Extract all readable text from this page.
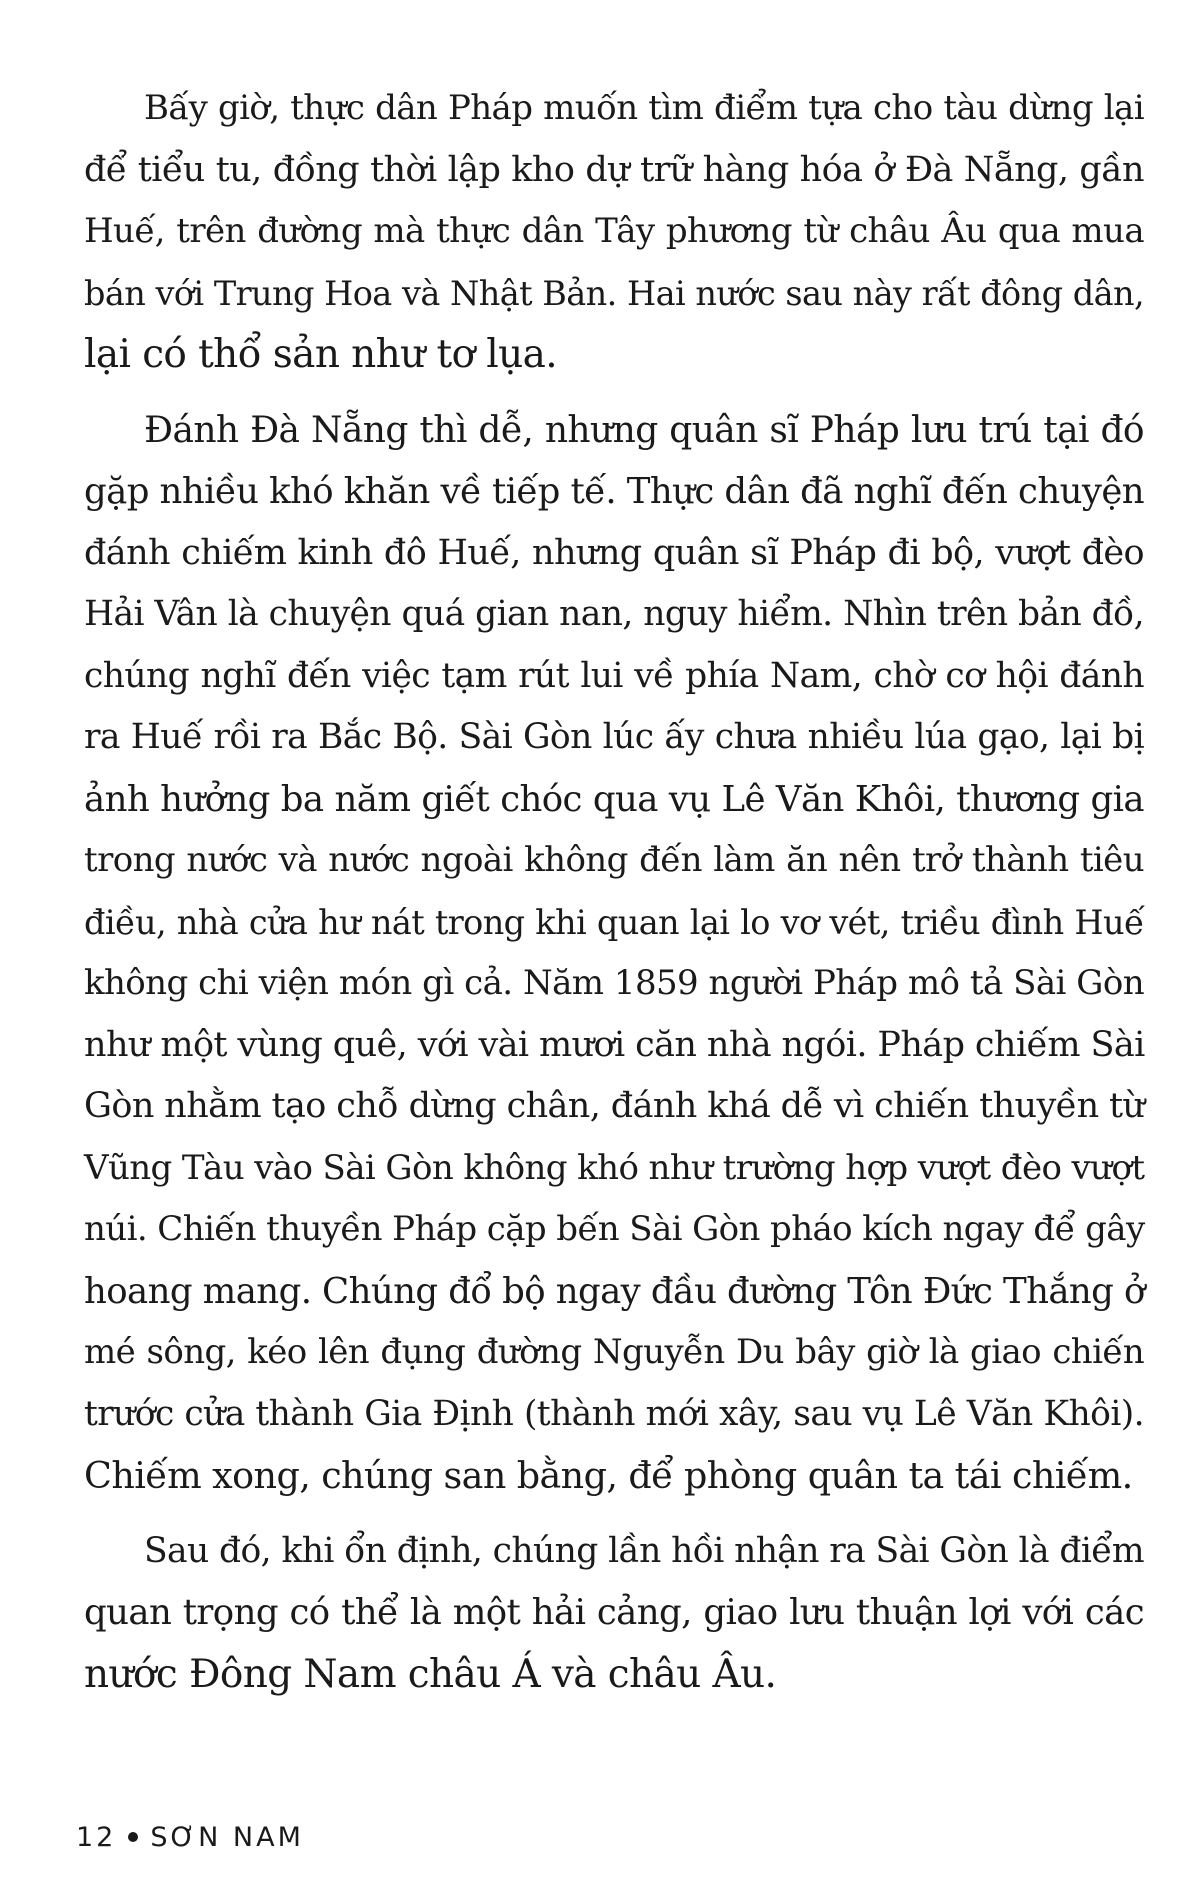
Bấy giờ, thực dân Pháp muốn tìm điểm tựa cho tàu dừng lại
để tiểu tu, đồng thời lập kho dự trữ hàng hóa ở Đà Nẵng, gần
Huế, trên đường mà thực dân Tây phương từ châu Âu qua mua
bán với Trung Hoa và Nhật Bản. Hai nước sau này rất đông dân,
lại có thổ sản như tơ lụa.
Đánh Đà Nẵng thì dễ, nhưng quân sĩ Pháp lưu trú tại đó
gặp nhiều khó khăn về tiếp tế. Thực dân đã nghĩ đến chuyện
đánh chiếm kinh đô Huế, nhưng quân sĩ Pháp đi bộ, vượt đèo
Hải Vân là chuyện quá gian nan, nguy hiểm. Nhìn trên bản đồ,
chúng nghĩ đến việc tạm rút lui về phía Nam, chờ cơ hội đánh
ra Huế rồi ra Bắc Bộ. Sài Gòn lúc ấy chưa nhiều lúa gạo, lại bị
ảnh hưởng ba năm giết chóc qua vụ Lê Văn Khôi, thương gia
trong nước và nước ngoài không đến làm ăn nên trở thành tiêu
điều, nhà cửa hư nát trong khi quan lại lo vơ vét, triều đình Huế
không chi viện món gì cả. Năm 1859 người Pháp mô tả Sài Gòn
như một vùng quê, với vài mươi căn nhà ngói. Pháp chiếm Sài
Gòn nhằm tạo chỗ dừng chân, đánh khá dễ vì chiến thuyền từ
Vũng Tàu vào Sài Gòn không khó như trường hợp vượt đèo vượt
núi. Chiến thuyền Pháp cặp bến Sài Gòn pháo kích ngay để gây
hoang mang. Chúng đổ bộ ngay đầu đường Tôn Đức Thắng ở
mé sông, kéo lên đụng đường Nguyễn Du bây giờ là giao chiến
trước cửa thành Gia Định (thành mới xây, sau vụ Lê Văn Khôi).
Chiếm xong, chúng san bằng, để phòng quân ta tái chiếm.
Sau đó, khi ổn định, chúng lần hồi nhận ra Sài Gòn là điểm
quan trọng có thể là một hải cảng, giao lưu thuận lợi với các
nước Đông Nam châu Á và châu Âu.
12 SƠN NAM
